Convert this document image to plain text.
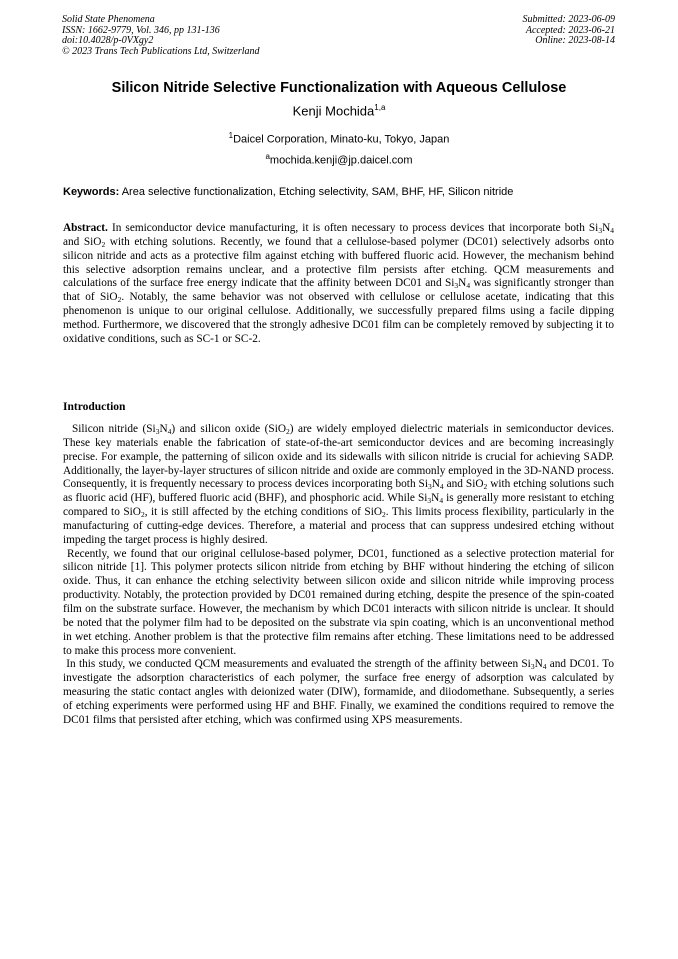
Solid State Phenomena
ISSN: 1662-9779, Vol. 346, pp 131-136
doi:10.4028/p-0VXgy2
© 2023 Trans Tech Publications Ltd, Switzerland
Submitted: 2023-06-09
Accepted: 2023-06-21
Online: 2023-08-14
Silicon Nitride Selective Functionalization with Aqueous Cellulose
Kenji Mochida$^{1,a}$
$^1$Daicel Corporation, Minato-ku, Tokyo, Japan
$^a$mochida.kenji@jp.daicel.com
Keywords: Area selective functionalization, Etching selectivity, SAM, BHF, HF, Silicon nitride
Abstract. In semiconductor device manufacturing, it is often necessary to process devices that incorporate both $Si_3N_4$ and SiO$_2$ with etching solutions. Recently, we found that a cellulose-based polymer (DC01) selectively adsorbs onto silicon nitride and acts as a protective film against etching with buffered fluoric acid. However, the mechanism behind this selective adsorption remains unclear, and a protective film persists after etching. QCM measurements and calculations of the surface free energy indicate that the affinity between DC01 and $Si_3N_4$ was significantly stronger than that of SiO$_2$. Notably, the same behavior was not observed with cellulose or cellulose acetate, indicating that this phenomenon is unique to our original cellulose. Additionally, we successfully prepared films using a facile dipping method. Furthermore, we discovered that the strongly adhesive DC01 film can be completely removed by subjecting it to oxidative conditions, such as SC-1 or SC-2.
Introduction

Silicon nitride $(Si_3N_4)$ and silicon oxide (SiO$_2$) are widely employed dielectric materials in semiconductor devices. These key materials enable the fabrication of state-of-the-art semiconductor devices and are becoming increasingly precise. For example, the patterning of silicon oxide and its sidewalls with silicon nitride is crucial for achieving SADP. Additionally, the layer-by-layer structures of silicon nitride and oxide are commonly employed in the 3D-NAND process. Consequently, it is frequently necessary to process devices incorporating both $Si_3N_4$ and SiO$_2$ with etching solutions such as fluoric acid (HF), buffered fluoric acid (BHF), and phosphoric acid. While $Si_3N_4$ is generally more resistant to etching compared to SiO$_2$, it is still affected by the etching conditions of SiO$_2$. This limits process flexibility, particularly in the manufacturing of cutting-edge devices. Therefore, a material and process that can suppress undesired etching without impeding the target process is highly desired.

Recently, we found that our original cellulose-based polymer, DC01, functioned as a selective protection material for silicon nitride [1]. This polymer protects silicon nitride from etching by BHF without hindering the etching of silicon oxide. Thus, it can enhance the etching selectivity between silicon oxide and silicon nitride while improving process productivity. Notably, the protection provided by DC01 remained during etching, despite the presence of the spin-coated film on the substrate surface. However, the mechanism by which DC01 interacts with silicon nitride is unclear. It should be noted that the polymer film had to be deposited on the substrate via spin coating, which is an unconventional method in wet etching. Another problem is that the protective film remains after etching. These limitations need to be addressed to make this process more convenient.

In this study, we conducted QCM measurements and evaluated the strength of the affinity between $Si_3N_4$ and DC01. To investigate the adsorption characteristics of each polymer, the surface free energy of adsorption was calculated by measuring the static contact angles with deionized water (DIW), formamide, and diiodomethane. Subsequently, a series of etching experiments were performed using HF and BHF. Finally, we examined the conditions required to remove the DC01 films that persisted after etching, which was confirmed using XPS measurements.
